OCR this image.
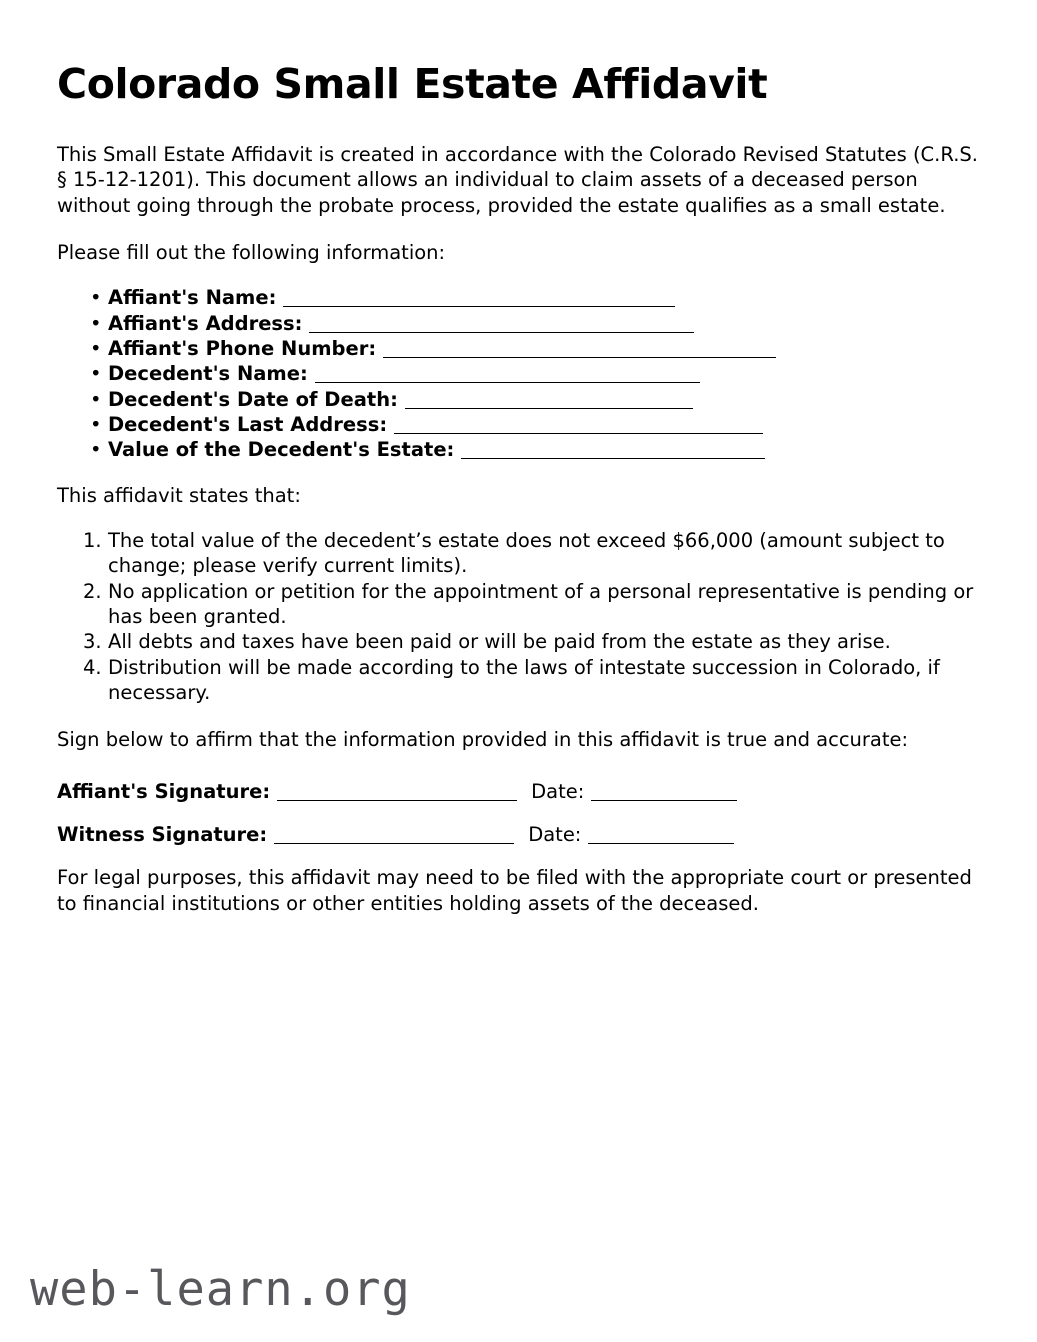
Colorado Small Estate Affidavit

This Small Estate Affidavit is created in accordance with the Colorado Revised Statutes (C.R.S. § 15-12-1201). This document allows an individual to claim assets of a deceased person without going through the probate process, provided the estate qualifies as a small estate.

Please fill out the following information:

• Affiant's Name:
• Affiant's Address:
• Affiant's Phone Number:
• Decedent's Name:
• Decedent's Date of Death:
• Decedent's Last Address:
• Value of the Decedent's Estate:

This affidavit states that:

The total value of the decedent’s estate does not exceed $66,000 (amount subject to change; please verify current limits).
No application or petition for the appointment of a personal representative is pending or has been granted.
All debts and taxes have been paid or will be paid from the estate as they arise.
Distribution will be made according to the laws of intestate succession in Colorado, if necessary.

Sign below to affirm that the information provided in this affidavit is true and accurate:

Affiant's Signature:	Date:
Witness Signature:	Date:

For legal purposes, this affidavit may need to be filed with the appropriate court or presented to financial institutions or other entities holding assets of the deceased.

web-learn.org
